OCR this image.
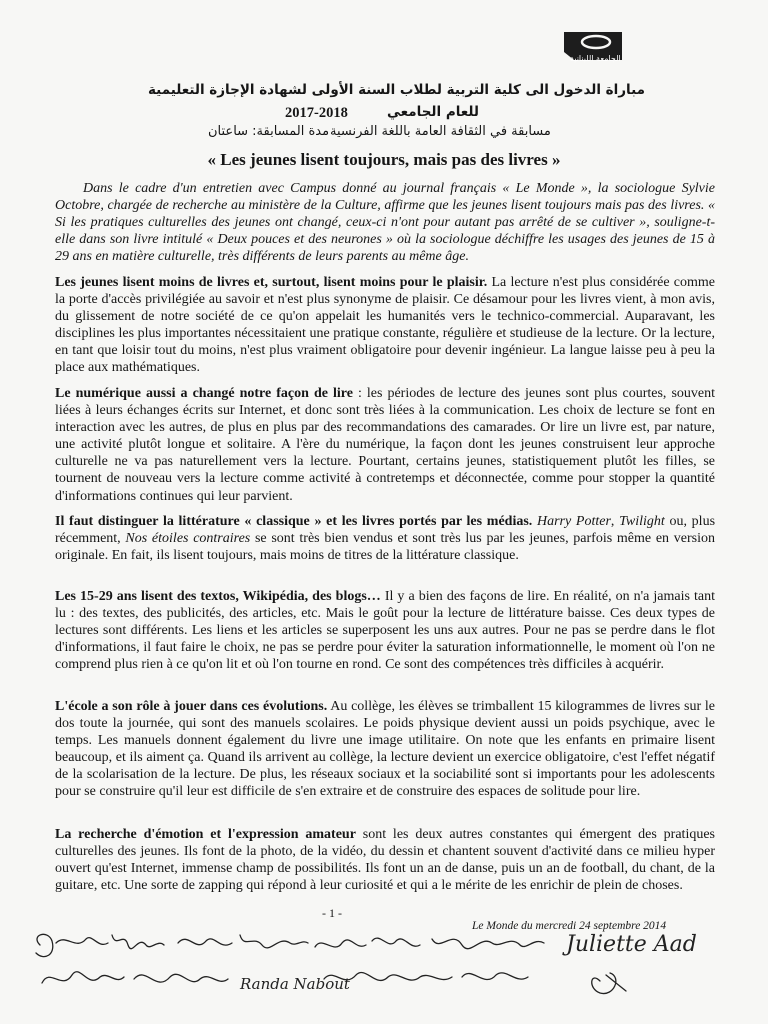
الجامعة اللبنانية
مباراة الدخول الى كلية التربية لطلاب السنة الأولى لشهادة الإجازة التعليمية
للعام الجامعي
2017-2018
مسابقة في الثقافة العامة باللغة الفرنسية
مدة المسابقة: ساعتان
« Les jeunes lisent toujours, mais pas des livres »

Dans le cadre d'un entretien avec Campus donné au journal français « Le Monde », la sociologue Sylvie Octobre, chargée de recherche au ministère de la Culture, affirme que les jeunes lisent toujours mais pas des livres. « Si les pratiques culturelles des jeunes ont changé, ceux-ci n'ont pour autant pas arrêté de se cultiver », souligne-t-elle dans son livre intitulé « Deux pouces et des neurones » où la sociologue déchiffre les usages des jeunes de 15 à 29 ans en matière culturelle, très différents de leurs parents au même âge.

Les jeunes lisent moins de livres et, surtout, lisent moins pour le plaisir. La lecture n'est plus considérée comme la porte d'accès privilégiée au savoir et n'est plus synonyme de plaisir. Ce désamour pour les livres vient, à mon avis, du glissement de notre société de ce qu'on appelait les humanités vers le technico-commercial. Auparavant, les disciplines les plus importantes nécessitaient une pratique constante, régulière et studieuse de la lecture. Or la lecture, en tant que loisir tout du moins, n'est plus vraiment obligatoire pour devenir ingénieur. La langue laisse peu à peu la place aux mathématiques.

Le numérique aussi a changé notre façon de lire : les périodes de lecture des jeunes sont plus courtes, souvent liées à leurs échanges écrits sur Internet, et donc sont très liées à la communication. Les choix de lecture se font en interaction avec les autres, de plus en plus par des recommandations des camarades. Or lire un livre est, par nature, une activité plutôt longue et solitaire. A l'ère du numérique, la façon dont les jeunes construisent leur approche culturelle ne va pas naturellement vers la lecture. Pourtant, certains jeunes, statistiquement plutôt les filles, se tournent de nouveau vers la lecture comme activité à contretemps et déconnectée, comme pour stopper la quantité d'informations continues qui leur parvient.

Il faut distinguer la littérature « classique » et les livres portés par les médias. Harry Potter, Twilight ou, plus récemment, Nos étoiles contraires se sont très bien vendus et sont très lus par les jeunes, parfois même en version originale. En fait, ils lisent toujours, mais moins de titres de la littérature classique.

Les 15-29 ans lisent des textos, Wikipédia, des blogs… Il y a bien des façons de lire. En réalité, on n'a jamais tant lu : des textes, des publicités, des articles, etc. Mais le goût pour la lecture de littérature baisse. Ces deux types de lectures sont différents. Les liens et les articles se superposent les uns aux autres. Pour ne pas se perdre dans le flot d'informations, il faut faire le choix, ne pas se perdre pour éviter la saturation informationnelle, le moment où l'on ne comprend plus rien à ce qu'on lit et où l'on tourne en rond. Ce sont des compétences très difficiles à acquérir.

L'école a son rôle à jouer dans ces évolutions. Au collège, les élèves se trimballent 15 kilogrammes de livres sur le dos toute la journée, qui sont des manuels scolaires. Le poids physique devient aussi un poids psychique, avec le temps. Les manuels donnent également du livre une image utilitaire. On note que les enfants en primaire lisent beaucoup, et ils aiment ça. Quand ils arrivent au collège, la lecture devient un exercice obligatoire, c'est l'effet négatif de la scolarisation de la lecture. De plus, les réseaux sociaux et la sociabilité sont si importants pour les adolescents pour se construire qu'il leur est difficile de s'en extraire et de construire des espaces de solitude pour lire.

La recherche d'émotion et l'expression amateur sont les deux autres constantes qui émergent des pratiques culturelles des jeunes. Ils font de la photo, de la vidéo, du dessin et chantent souvent d'activité dans ce milieu hyper ouvert qu'est Internet, immense champ de possibilités. Ils font un an de danse, puis un an de football, du chant, de la guitare, etc. Une sorte de zapping qui répond à leur curiosité et qui a le mérite de les enrichir de plein de choses.

- 1 -
Le Monde du mercredi 24 septembre 2014
Juliette Aad
Randa Nabout
